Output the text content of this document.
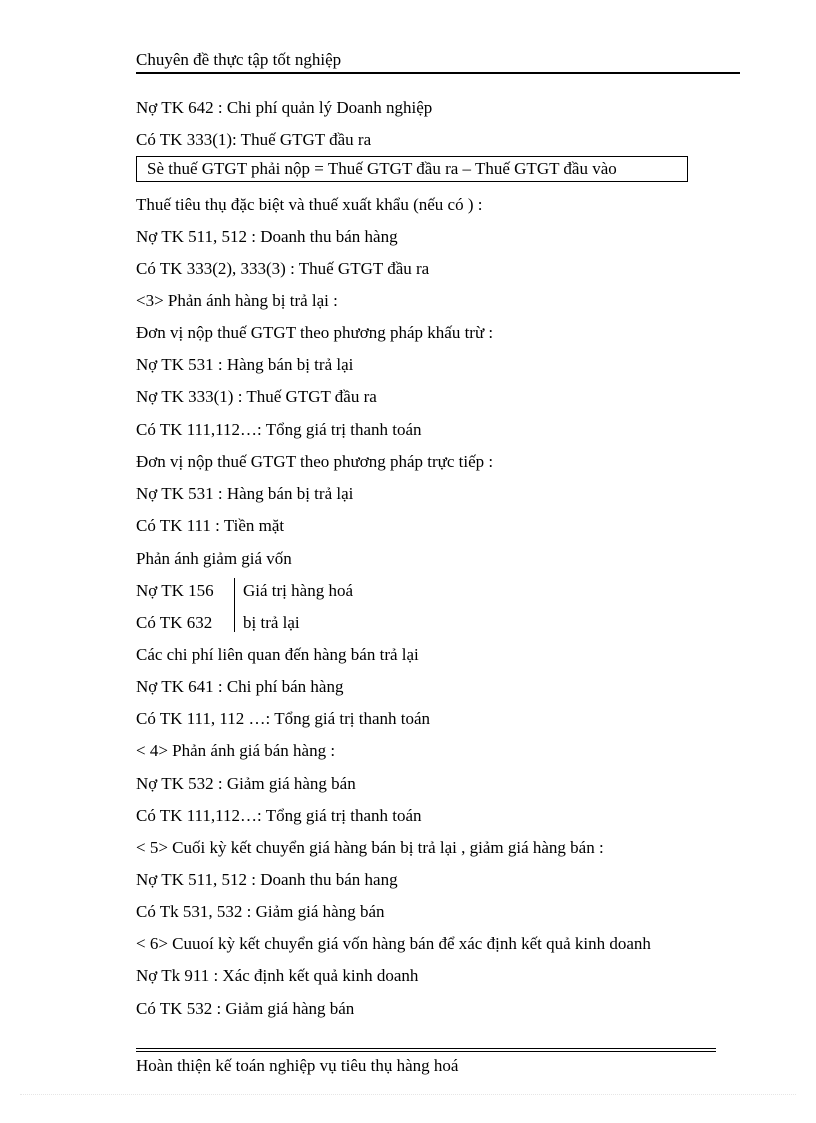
Chuyên đề thực tập tốt nghiệp
Nợ TK 642 : Chi phí quản lý Doanh nghiệp
Có TK 333(1): Thuế GTGT đầu ra
Sè thuế GTGT phải nộp = Thuế GTGT đầu ra – Thuế GTGT đầu vào
Thuế tiêu thụ đặc biệt và thuế xuất khẩu (nếu có ) :
Nợ TK 511, 512 : Doanh thu bán hàng
Có TK 333(2), 333(3) : Thuế GTGT đầu ra
<3> Phản ánh hàng bị trả lại :
Đơn vị nộp thuế GTGT theo phương pháp khấu trừ :
Nợ TK 531 : Hàng bán bị trả lại
Nợ TK 333(1) : Thuế GTGT đầu ra
Có TK 111,112…: Tổng giá trị thanh toán
Đơn vị nộp thuế GTGT theo phương pháp trực tiếp :
Nợ TK 531 : Hàng bán bị trả lại
Có TK 111 : Tiền mặt
Phản ánh giảm giá vốn
Nợ TK 156 Giá trị hàng hoá
Có TK 632 bị trả lại
Các chi phí liên quan đến hàng bán trả lại
Nợ TK 641 : Chi phí bán hàng
Có TK 111, 112 …: Tổng giá trị thanh toán
< 4> Phản ánh giá bán hàng :
Nợ TK 532 : Giảm giá hàng bán
Có TK 111,112…: Tổng giá trị thanh toán
< 5> Cuối kỳ kết chuyển giá hàng bán bị trả lại , giảm giá hàng bán :
Nợ TK 511, 512 : Doanh thu bán hang
Có Tk 531, 532 : Giảm giá hàng bán
< 6> Cuuoí kỳ kết chuyển giá vốn hàng bán để xác định kết quả kinh doanh
Nợ Tk 911 : Xác định kết quả kinh doanh
Có TK 532 : Giảm giá hàng bán
Hoàn thiện kế toán nghiệp vụ tiêu thụ hàng hoá
